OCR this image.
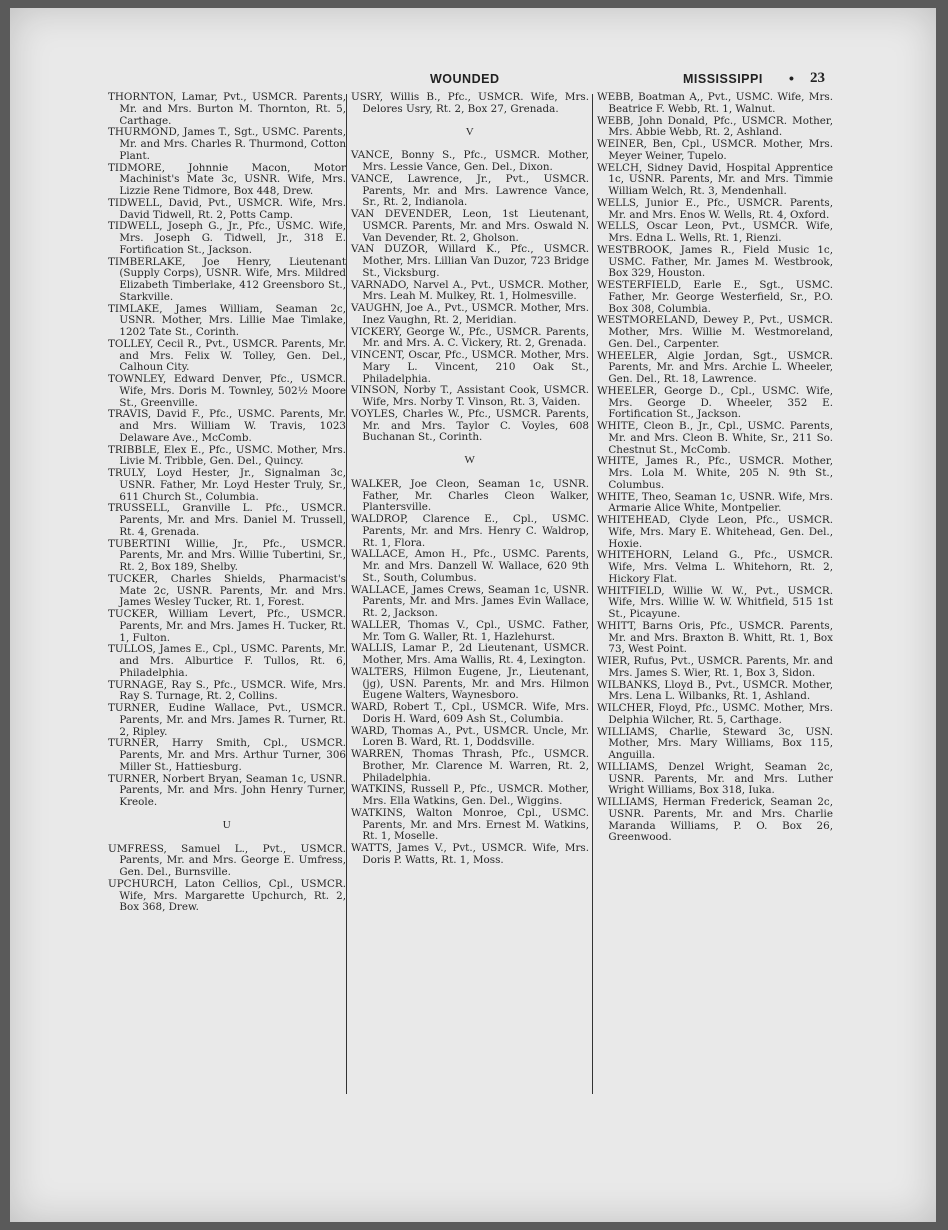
WOUNDED	MISSISSIPPI • 23

THORNTON, Lamar, Pvt., USMCR. Parents, Mr. and Mrs. Burton M. Thornton, Rt. 5, Carthage.

THURMOND, James T., Sgt., USMC. Parents, Mr. and Mrs. Charles R. Thurmond, Cotton Plant.

TIDMORE, Johnnie Macon, Motor Machinist's Mate 3c, USNR. Wife, Mrs. Lizzie Rene Tidmore, Box 448, Drew.

TIDWELL, David, Pvt., USMCR. Wife, Mrs. David Tidwell, Rt. 2, Potts Camp.

TIDWELL, Joseph G., Jr., Pfc., USMC. Wife, Mrs. Joseph G. Tidwell, Jr., 318 E. Fortification St., Jackson.

TIMBERLAKE, Joe Henry, Lieutenant (Supply Corps), USNR. Wife, Mrs. Mildred Elizabeth Timberlake, 412 Greensboro St., Starkville.

TIMLAKE, James William, Seaman 2c, USNR. Mother, Mrs. Lillie Mae Timlake, 1202 Tate St., Corinth.

TOLLEY, Cecil R., Pvt., USMCR. Parents, Mr. and Mrs. Felix W. Tolley, Gen. Del., Calhoun City.

TOWNLEY, Edward Denver, Pfc., USMCR. Wife, Mrs. Doris M. Townley, 502½ Moore St., Greenville.

TRAVIS, David F., Pfc., USMC. Parents, Mr. and Mrs. William W. Travis, 1023 Delaware Ave., McComb.

TRIBBLE, Elex E., Pfc., USMC. Mother, Mrs. Livie M. Tribble, Gen. Del., Quincy.

TRULY, Loyd Hester, Jr., Signalman 3c, USNR. Father, Mr. Loyd Hester Truly, Sr., 611 Church St., Columbia.

TRUSSELL, Granville L. Pfc., USMCR. Parents, Mr. and Mrs. Daniel M. Trussell, Rt. 4, Grenada.

TUBERTINI Willie, Jr., Pfc., USMCR. Parents, Mr. and Mrs. Willie Tubertini, Sr., Rt. 2, Box 189, Shelby.

TUCKER, Charles Shields, Pharmacist's Mate 2c, USNR. Parents, Mr. and Mrs. James Wesley Tucker, Rt. 1, Forest.

TUCKER, William Levert, Pfc., USMCR. Parents, Mr. and Mrs. James H. Tucker, Rt. 1, Fulton.

TULLOS, James E., Cpl., USMC. Parents, Mr. and Mrs. Alburtice F. Tullos, Rt. 6, Philadelphia.

TURNAGE, Ray S., Pfc., USMCR. Wife, Mrs. Ray S. Turnage, Rt. 2, Collins.

TURNER, Eudine Wallace, Pvt., USMCR. Parents, Mr. and Mrs. James R. Turner, Rt. 2, Ripley.

TURNER, Harry Smith, Cpl., USMCR. Parents, Mr. and Mrs. Arthur Turner, 306 Miller St., Hattiesburg.

TURNER, Norbert Bryan, Seaman 1c, USNR. Parents, Mr. and Mrs. John Henry Turner, Kreole.

U

UMFRESS, Samuel L., Pvt., USMCR. Parents, Mr. and Mrs. George E. Umfress, Gen. Del., Burnsville.

UPCHURCH, Laton Cellios, Cpl., USMCR. Wife, Mrs. Margarette Upchurch, Rt. 2, Box 368, Drew.

USRY, Willis B., Pfc., USMCR. Wife, Mrs. Delores Usry, Rt. 2, Box 27, Grenada.

V

VANCE, Bonny S., Pfc., USMCR. Mother, Mrs. Lessie Vance, Gen. Del., Dixon.

VANCE, Lawrence, Jr., Pvt., USMCR. Parents, Mr. and Mrs. Lawrence Vance, Sr., Rt. 2, Indianola.

VAN DEVENDER, Leon, 1st Lieutenant, USMCR. Parents, Mr. and Mrs. Oswald N. Van Devender, Rt. 2, Gholson.

VAN DUZOR, Willard K., Pfc., USMCR. Mother, Mrs. Lillian Van Duzor, 723 Bridge St., Vicksburg.

VARNADO, Narvel A., Pvt., USMCR. Mother, Mrs. Leah M. Mulkey, Rt. 1, Holmesville.

VAUGHN, Joe A., Pvt., USMCR. Mother, Mrs. Inez Vaughn, Rt. 2, Meridian.

VICKERY, George W., Pfc., USMCR. Parents, Mr. and Mrs. A. C. Vickery, Rt. 2, Grenada.

VINCENT, Oscar, Pfc., USMCR. Mother, Mrs. Mary L. Vincent, 210 Oak St., Philadelphia.

VINSON, Norby T., Assistant Cook, USMCR. Wife, Mrs. Norby T. Vinson, Rt. 3, Vaiden.

VOYLES, Charles W., Pfc., USMCR. Parents, Mr. and Mrs. Taylor C. Voyles, 608 Buchanan St., Corinth.

W

WALKER, Joe Cleon, Seaman 1c, USNR. Father, Mr. Charles Cleon Walker, Plantersville.

WALDROP, Clarence E., Cpl., USMC. Parents, Mr. and Mrs. Henry C. Waldrop, Rt. 1, Flora.

WALLACE, Amon H., Pfc., USMC. Parents, Mr. and Mrs. Danzell W. Wallace, 620 9th St., South, Columbus.

WALLACE, James Crews, Seaman 1c, USNR. Parents, Mr. and Mrs. James Evin Wallace, Rt. 2, Jackson.

WALLER, Thomas V., Cpl., USMC. Father, Mr. Tom G. Waller, Rt. 1, Hazlehurst.

WALLIS, Lamar P., 2d Lieutenant, USMCR. Mother, Mrs. Ama Wallis, Rt. 4, Lexington.

WALTERS, Hilmon Eugene, Jr., Lieutenant, (jg), USN. Parents, Mr. and Mrs. Hilmon Eugene Walters, Waynesboro.

WARD, Robert T., Cpl., USMCR. Wife, Mrs. Doris H. Ward, 609 Ash St., Columbia.

WARD, Thomas A., Pvt., USMCR. Uncle, Mr. Loren B. Ward, Rt. 1, Doddsville.

WARREN, Thomas Thrash, Pfc., USMCR. Brother, Mr. Clarence M. Warren, Rt. 2, Philadelphia.

WATKINS, Russell P., Pfc., USMCR. Mother, Mrs. Ella Watkins, Gen. Del., Wiggins.

WATKINS, Walton Monroe, Cpl., USMC. Parents, Mr. and Mrs. Ernest M. Watkins, Rt. 1, Moselle.

WATTS, James V., Pvt., USMCR. Wife, Mrs. Doris P. Watts, Rt. 1, Moss.

WEBB, Boatman A,, Pvt., USMC. Wife, Mrs. Beatrice F. Webb, Rt. 1, Walnut.

WEBB, John Donald, Pfc., USMCR. Mother, Mrs. Abbie Webb, Rt. 2, Ashland.

WEINER, Ben, Cpl., USMCR. Mother, Mrs. Meyer Weiner, Tupelo.

WELCH, Sidney David, Hospital Apprentice 1c, USNR. Parents, Mr. and Mrs. Timmie William Welch, Rt. 3, Mendenhall.

WELLS, Junior E., Pfc., USMCR. Parents, Mr. and Mrs. Enos W. Wells, Rt. 4, Oxford.

WELLS, Oscar Leon, Pvt., USMCR. Wife, Mrs. Edna L. Wells, Rt. 1, Rienzi.

WESTBROOK, James R., Field Music 1c, USMC. Father, Mr. James M. Westbrook, Box 329, Houston.

WESTERFIELD, Earle E., Sgt., USMC. Father, Mr. George Westerfield, Sr., P.O. Box 308, Columbia.

WESTMORELAND, Dewey P., Pvt., USMCR. Mother, Mrs. Willie M. Westmoreland, Gen. Del., Carpenter.

WHEELER, Algie Jordan, Sgt., USMCR. Parents, Mr. and Mrs. Archie L. Wheeler, Gen. Del., Rt. 18, Lawrence.

WHEELER, George D., Cpl., USMC. Wife, Mrs. George D. Wheeler, 352 E. Fortification St., Jackson.

WHITE, Cleon B., Jr., Cpl., USMC. Parents, Mr. and Mrs. Cleon B. White, Sr., 211 So. Chestnut St., McComb.

WHITE, James R., Pfc., USMCR. Mother, Mrs. Lola M. White, 205 N. 9th St., Columbus.

WHITE, Theo, Seaman 1c, USNR. Wife, Mrs. Armarie Alice White, Montpelier.

WHITEHEAD, Clyde Leon, Pfc., USMCR. Wife, Mrs. Mary E. Whitehead, Gen. Del., Hoxie.

WHITEHORN, Leland G., Pfc., USMCR. Wife, Mrs. Velma L. Whitehorn, Rt. 2, Hickory Flat.

WHITFIELD, Willie W. W., Pvt., USMCR. Wife, Mrs. Willie W. W. Whitfield, 515 1st St., Picayune.

WHITT, Barns Oris, Pfc., USMCR. Parents, Mr. and Mrs. Braxton B. Whitt, Rt. 1, Box 73, West Point.

WIER, Rufus, Pvt., USMCR. Parents, Mr. and Mrs. James S. Wier, Rt. 1, Box 3, Sidon.

WILBANKS, Lloyd B., Pvt., USMCR. Mother, Mrs. Lena L. Wilbanks, Rt. 1, Ashland.

WILCHER, Floyd, Pfc., USMC. Mother, Mrs. Delphia Wilcher, Rt. 5, Carthage.

WILLIAMS, Charlie, Steward 3c, USN. Mother, Mrs. Mary Williams, Box 115, Anguilla.

WILLIAMS, Denzel Wright, Seaman 2c, USNR. Parents, Mr. and Mrs. Luther Wright Williams, Box 318, Iuka.

WILLIAMS, Herman Frederick, Seaman 2c, USNR. Parents, Mr. and Mrs. Charlie Maranda Williams, P. O. Box 26, Greenwood.
